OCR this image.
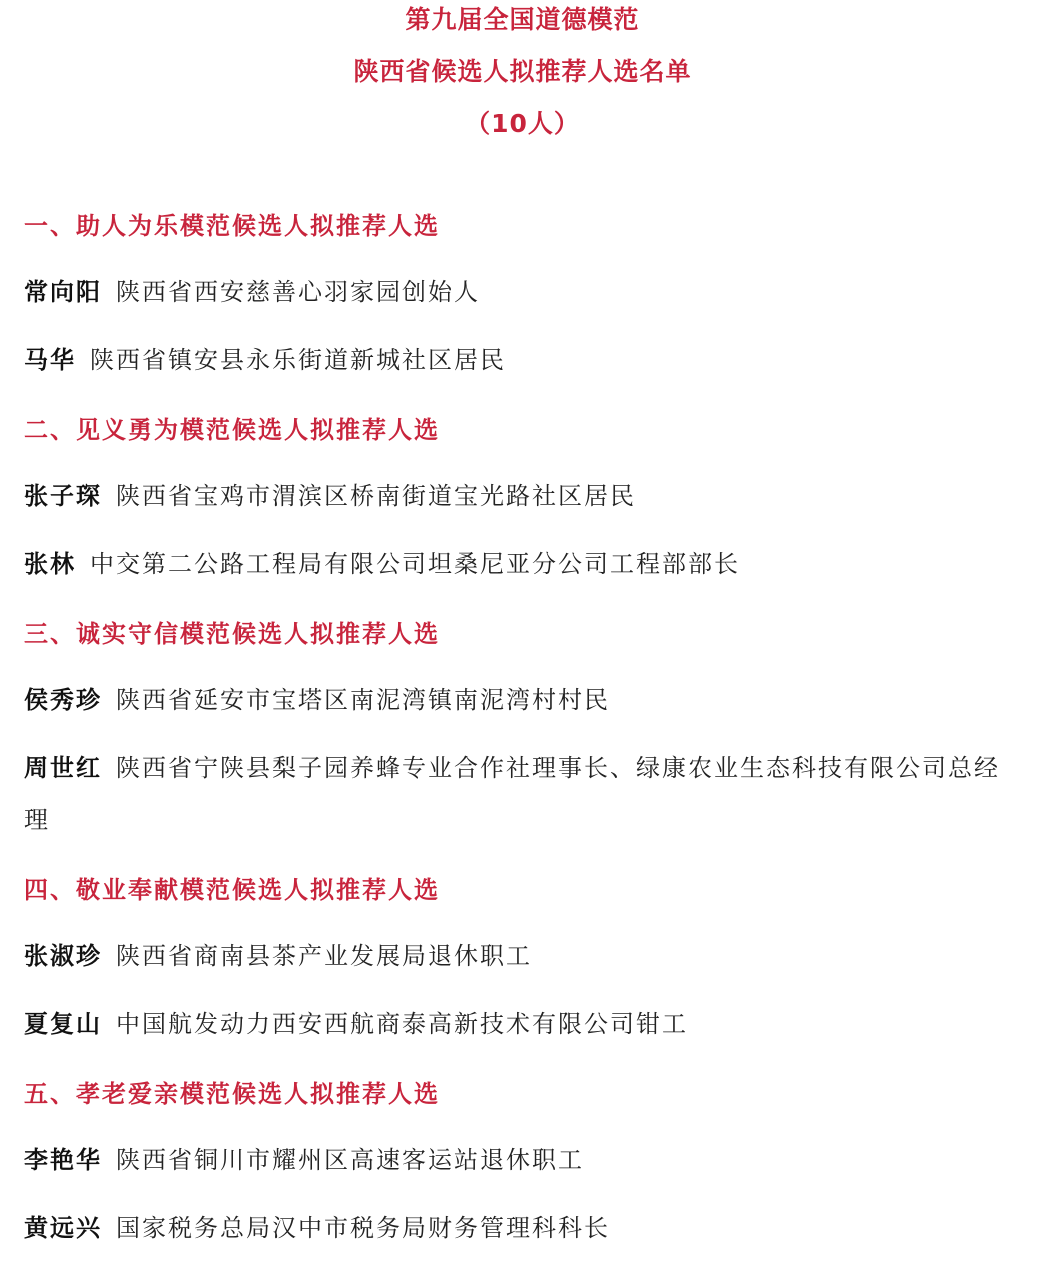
第九届全国道德模范
陕西省候选人拟推荐人选名单
（10人）
一、助人为乐模范候选人拟推荐人选
常向阳 陕西省西安慈善心羽家园创始人
马华 陕西省镇安县永乐街道新城社区居民
二、见义勇为模范候选人拟推荐人选
张子琛 陕西省宝鸡市渭滨区桥南街道宝光路社区居民
张林 中交第二公路工程局有限公司坦桑尼亚分公司工程部部长
三、诚实守信模范候选人拟推荐人选
侯秀珍 陕西省延安市宝塔区南泥湾镇南泥湾村村民
周世红 陕西省宁陕县梨子园养蜂专业合作社理事长、绿康农业生态科技有限公司总经理
四、敬业奉献模范候选人拟推荐人选
张淑珍 陕西省商南县茶产业发展局退休职工
夏复山 中国航发动力西安西航商泰高新技术有限公司钳工
五、孝老爱亲模范候选人拟推荐人选
李艳华 陕西省铜川市耀州区高速客运站退休职工
黄远兴 国家税务总局汉中市税务局财务管理科科长
